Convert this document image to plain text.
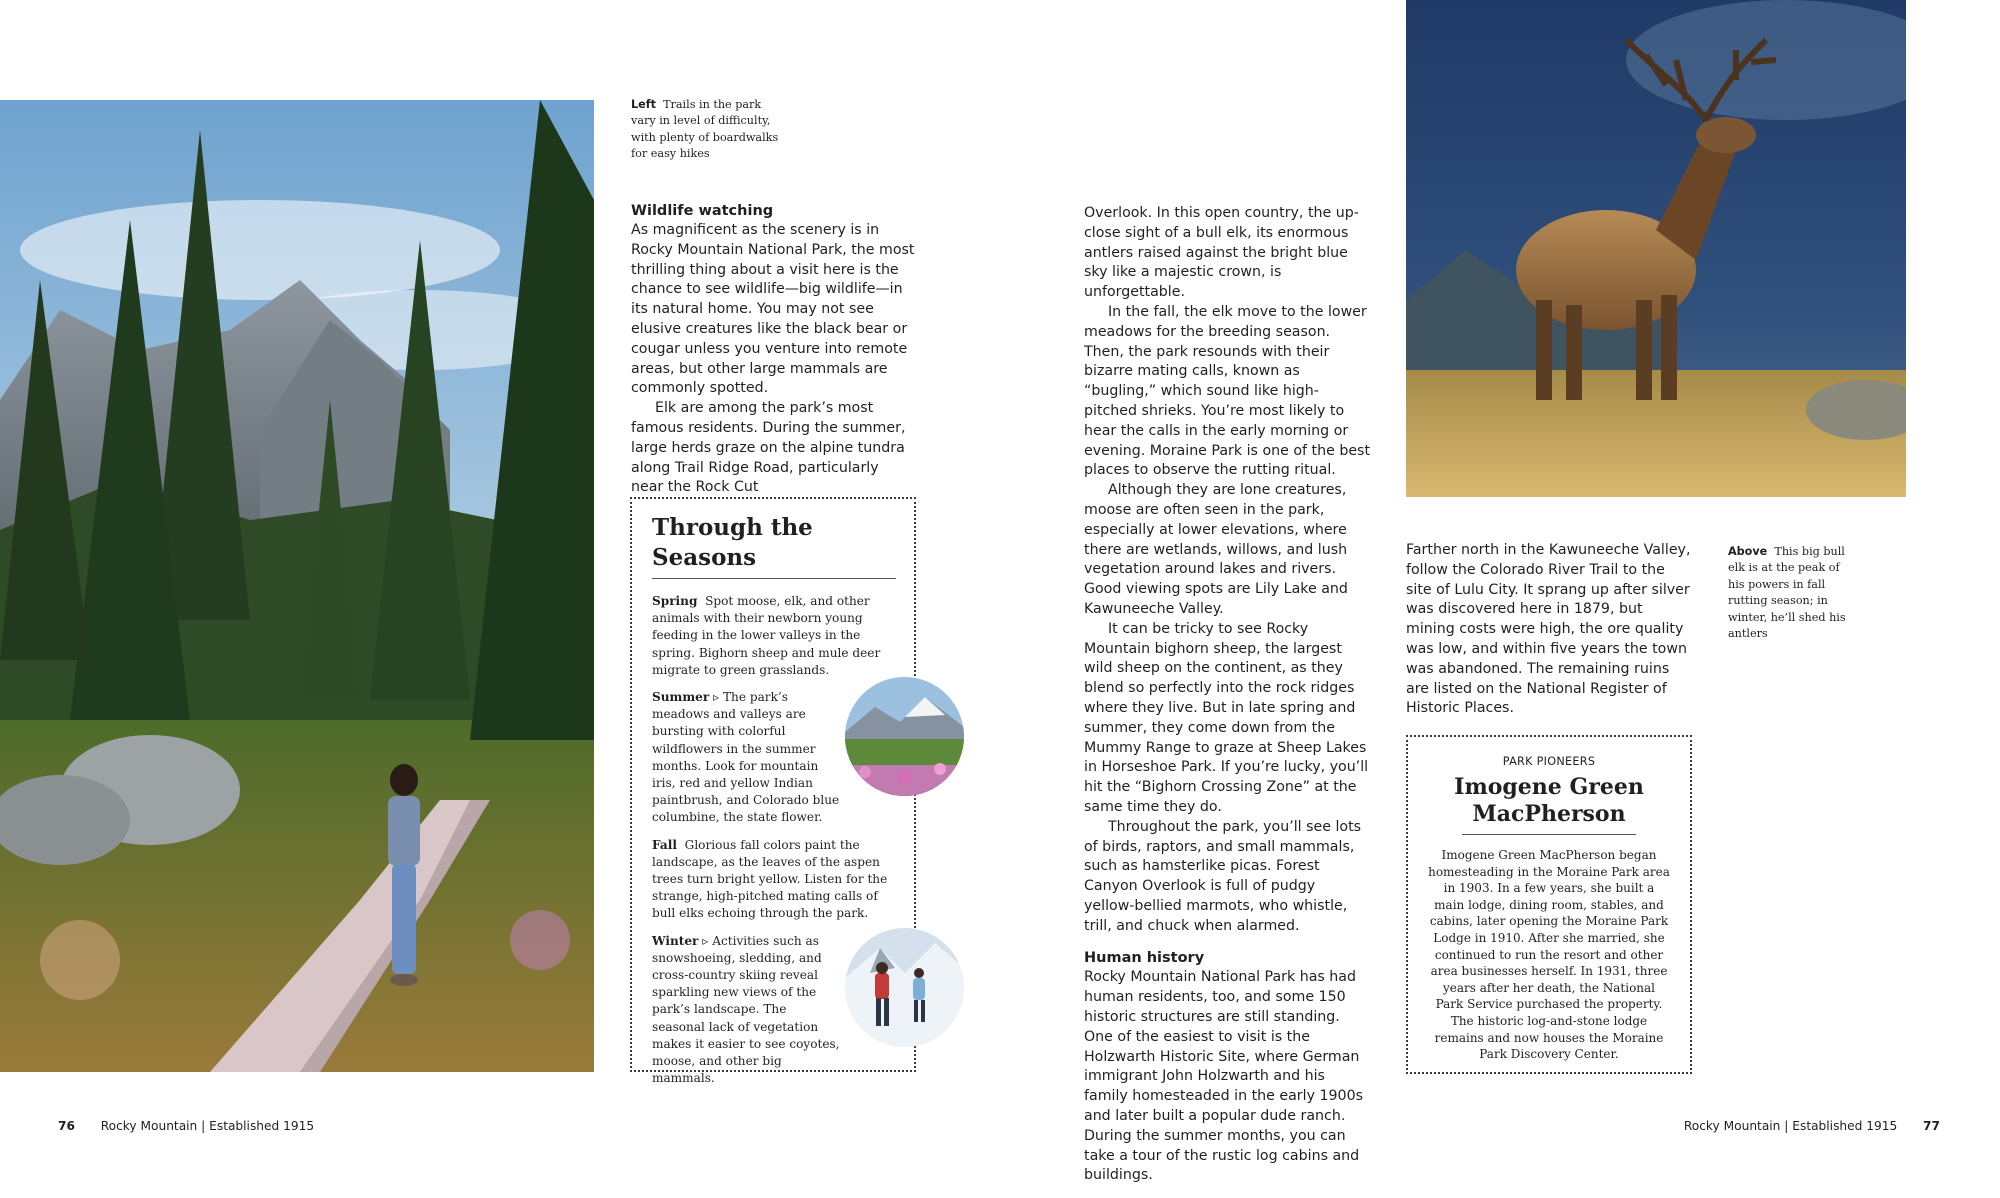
Left Trails in the park vary in level of difficulty, with plenty of boardwalks for easy hikes
Wildlife watching

As magnificent as the scenery is in Rocky Mountain National Park, the most thrilling thing about a visit here is the chance to see wildlife—big wildlife—in its natural home. You may not see elusive creatures like the black bear or cougar unless you venture into remote areas, but other large mammals are commonly spotted.

Elk are among the park’s most famous residents. During the summer, large herds graze on the alpine tundra along Trail Ridge Road, particularly near the Rock Cut

Through the Seasons

Spring Spot moose, elk, and other animals with their newborn young feeding in the lower valleys in the spring. Bighorn sheep and mule deer migrate to green grasslands.

Summer ▹ The park’s meadows and valleys are bursting with colorful wildflowers in the summer months. Look for mountain iris, red and yellow Indian paintbrush, and Colorado blue columbine, the state flower.

Fall Glorious fall colors paint the landscape, as the leaves of the aspen trees turn bright yellow. Listen for the strange, high-pitched mating calls of bull elks echoing through the park.

Winter ▹ Activities such as snowshoeing, sledding, and cross-country skiing reveal sparkling new views of the park’s landscape. The seasonal lack of vegetation makes it easier to see coyotes, moose, and other big mammals.

76 Rocky Mountain | Established 1915

Overlook. In this open country, the up-close sight of a bull elk, its enormous antlers raised against the bright blue sky like a majestic crown, is unforgettable.

In the fall, the elk move to the lower meadows for the breeding season. Then, the park resounds with their bizarre mating calls, known as “bugling,” which sound like high-pitched shrieks. You’re most likely to hear the calls in the early morning or evening. Moraine Park is one of the best places to observe the rutting ritual.

Although they are lone creatures, moose are often seen in the park, especially at lower elevations, where there are wetlands, willows, and lush vegetation around lakes and rivers. Good viewing spots are Lily Lake and Kawuneeche Valley.

It can be tricky to see Rocky Mountain bighorn sheep, the largest wild sheep on the continent, as they blend so perfectly into the rock ridges where they live. But in late spring and summer, they come down from the Mummy Range to graze at Sheep Lakes in Horseshoe Park. If you’re lucky, you’ll hit the “Bighorn Crossing Zone” at the same time they do.

Throughout the park, you’ll see lots of birds, raptors, and small mammals, such as hamsterlike picas. Forest Canyon Overlook is full of pudgy yellow-bellied marmots, who whistle, trill, and chuck when alarmed.

Human history

Rocky Mountain National Park has had human residents, too, and some 150 historic structures are still standing. One of the easiest to visit is the Holzwarth Historic Site, where German immigrant John Holzwarth and his family homesteaded in the early 1900s and later built a popular dude ranch. During the summer months, you can take a tour of the rustic log cabins and buildings.

Farther north in the Kawuneeche Valley, follow the Colorado River Trail to the site of Lulu City. It sprang up after silver was discovered here in 1879, but mining costs were high, the ore quality was low, and within five years the town was abandoned. The remaining ruins are listed on the National Register of Historic Places.

Above This big bull elk is at the peak of his powers in fall rutting season; in winter, he’ll shed his antlers
PARK PIONEERS
Imogene Green MacPherson
Imogene Green MacPherson began homesteading in the Moraine Park area in 1903. In a few years, she built a main lodge, dining room, stables, and cabins, later opening the Moraine Park Lodge in 1910. After she married, she continued to run the resort and other area businesses herself. In 1931, three years after her death, the National Park Service purchased the property. The historic log-and-stone lodge remains and now houses the Moraine Park Discovery Center.
Rocky Mountain | Established 1915 77
